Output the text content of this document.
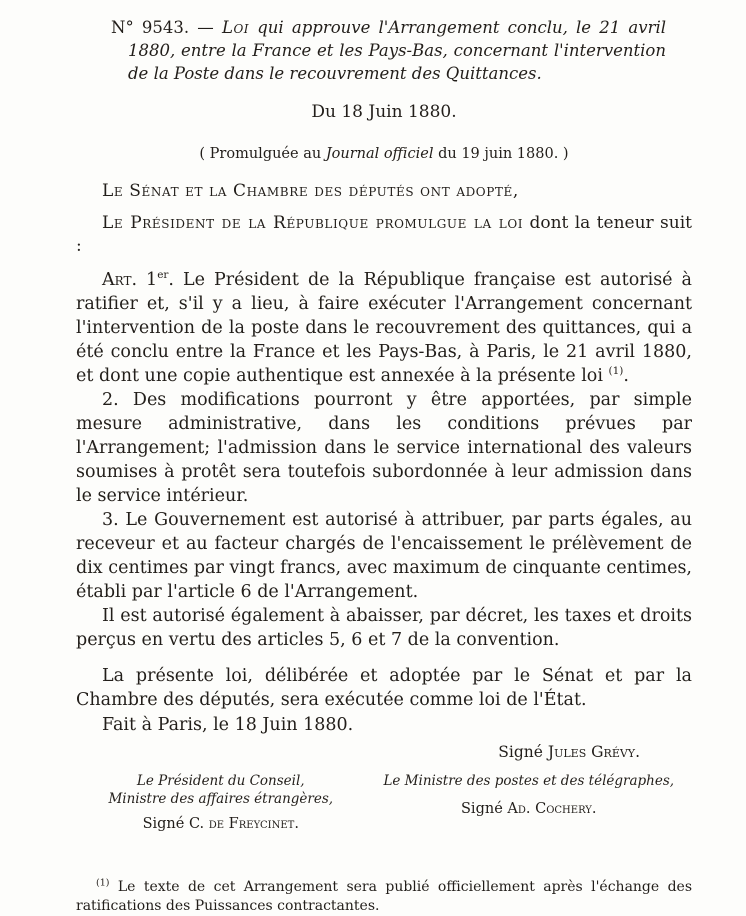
N° 9543. — Loi qui approuve l'Arrangement conclu, le 21 avril 1880, entre la France et les Pays-Bas, concernant l'intervention de la Poste dans le recouvrement des Quittances.

Du 18 Juin 1880.

( Promulguée au Journal officiel du 19 juin 1880. )

Le Sénat et la Chambre des députés ont adopté,

Le Président de la République promulgue la loi dont la teneur suit :

Art. 1er. Le Président de la République française est autorisé à ratifier et, s'il y a lieu, à faire exécuter l'Arrangement concernant l'intervention de la poste dans le recouvrement des quittances, qui a été conclu entre la France et les Pays-Bas, à Paris, le 21 avril 1880, et dont une copie authentique est annexée à la présente loi $^{(1)}$.

2. Des modifications pourront y être apportées, par simple mesure administrative, dans les conditions prévues par l'Arrangement; l'admission dans le service international des valeurs soumises à protêt sera toutefois subordonnée à leur admission dans le service intérieur.

3. Le Gouvernement est autorisé à attribuer, par parts égales, au receveur et au facteur chargés de l'encaissement le prélèvement de dix centimes par vingt francs, avec maximum de cinquante centimes, établi par l'article 6 de l'Arrangement.

Il est autorisé également à abaisser, par décret, les taxes et droits perçus en vertu des articles 5, 6 et 7 de la convention.

La présente loi, délibérée et adoptée par le Sénat et par la Chambre des députés, sera exécutée comme loi de l'État.

Fait à Paris, le 18 Juin 1880.

Signé Jules Grévy.

Le Président du Conseil,

Ministre des affaires étrangères,

Signé C. de Freycinet.

Le Ministre des postes et des télégraphes,

Signé Ad. Cochery.

$^{(1)}$ Le texte de cet Arrangement sera publié officiellement après l'échange des ratifications des Puissances contractantes.
